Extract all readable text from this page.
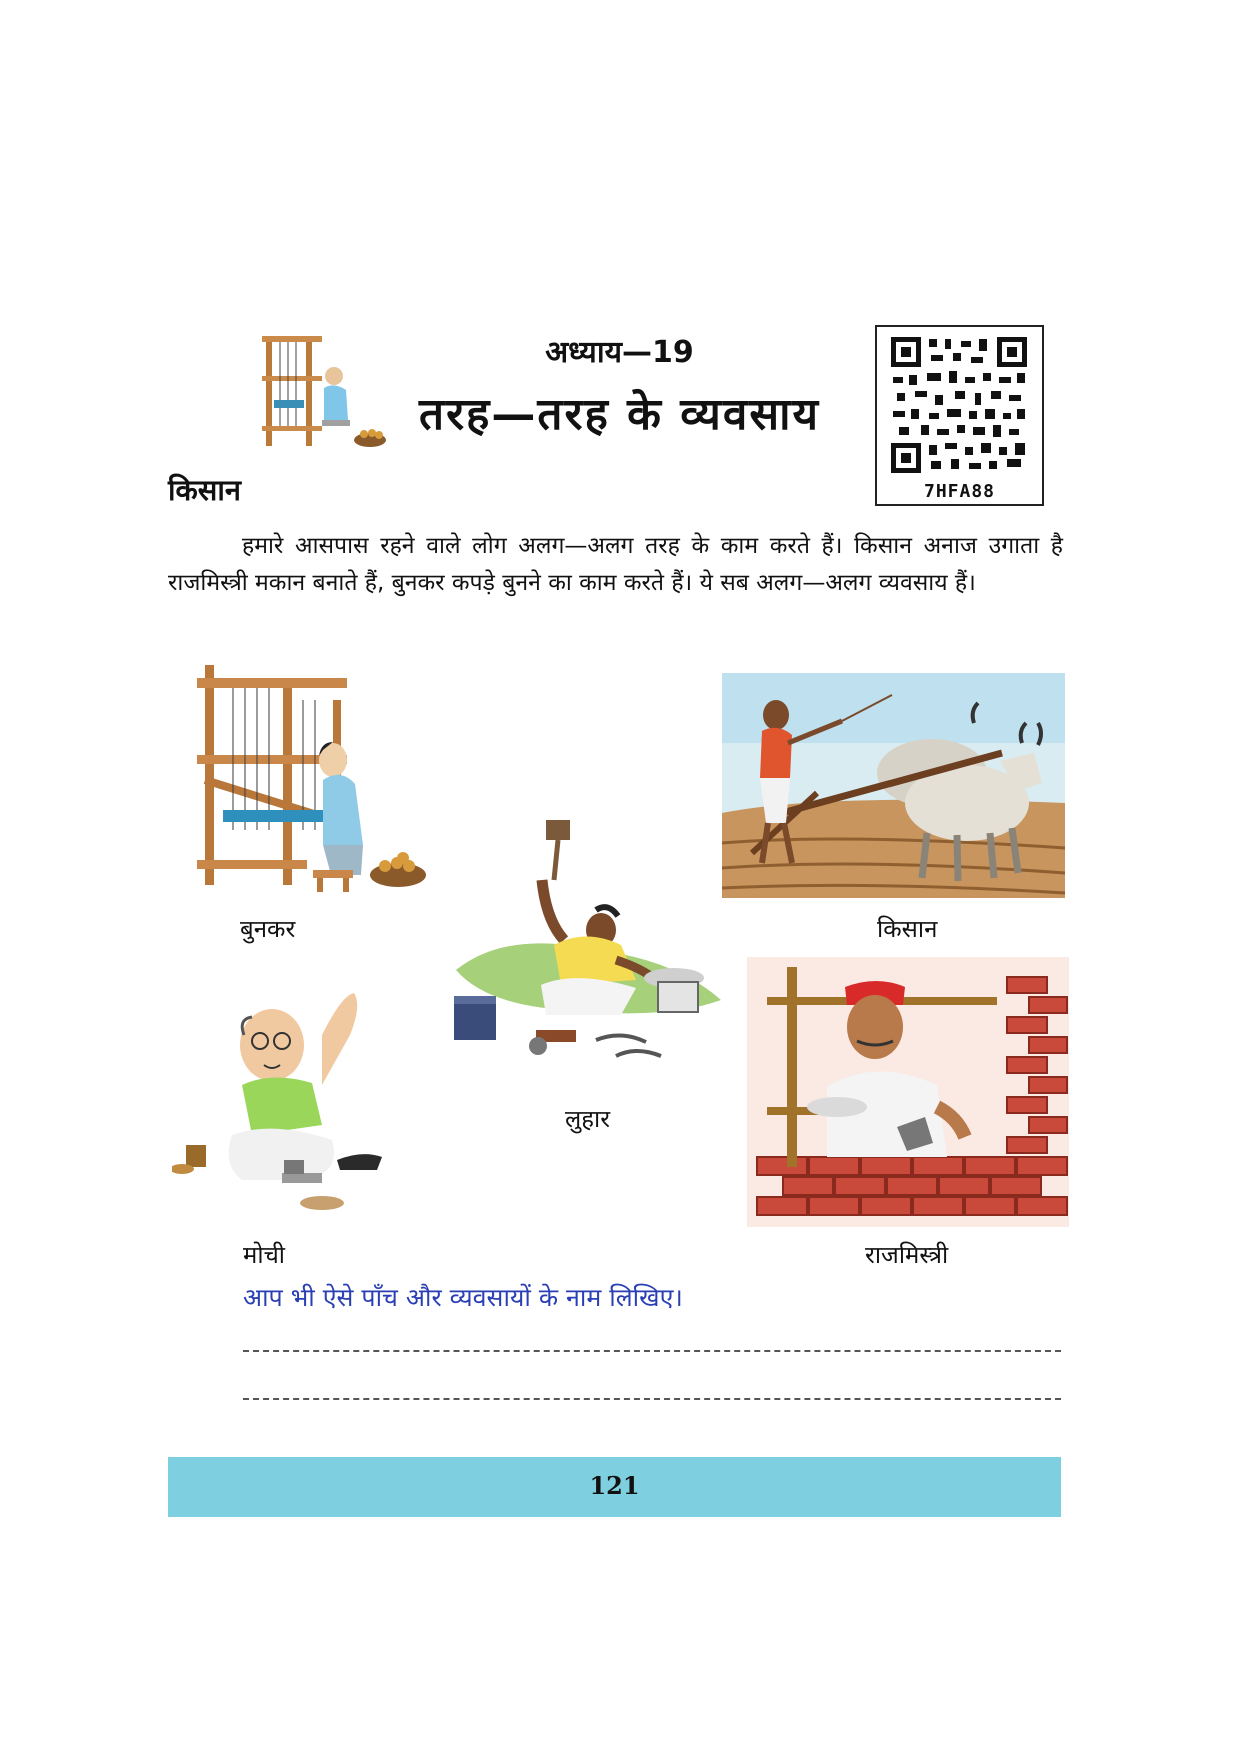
अध्याय—19
तरह—तरह के व्यवसाय
7HFA88
किसान

हमारे आसपास रहने वाले लोग अलग—अलग तरह के काम करते हैं। किसान अनाज उगाता है राजमिस्त्री मकान बनाते हैं, बुनकर कपड़े बुनने का काम करते हैं। ये सब अलग—अलग व्यवसाय हैं।

बुनकर	किसान
लुहार
मोची	राजमिस्त्री
आप भी ऐसे पाँच और व्यवसायों के नाम लिखिए।
121
